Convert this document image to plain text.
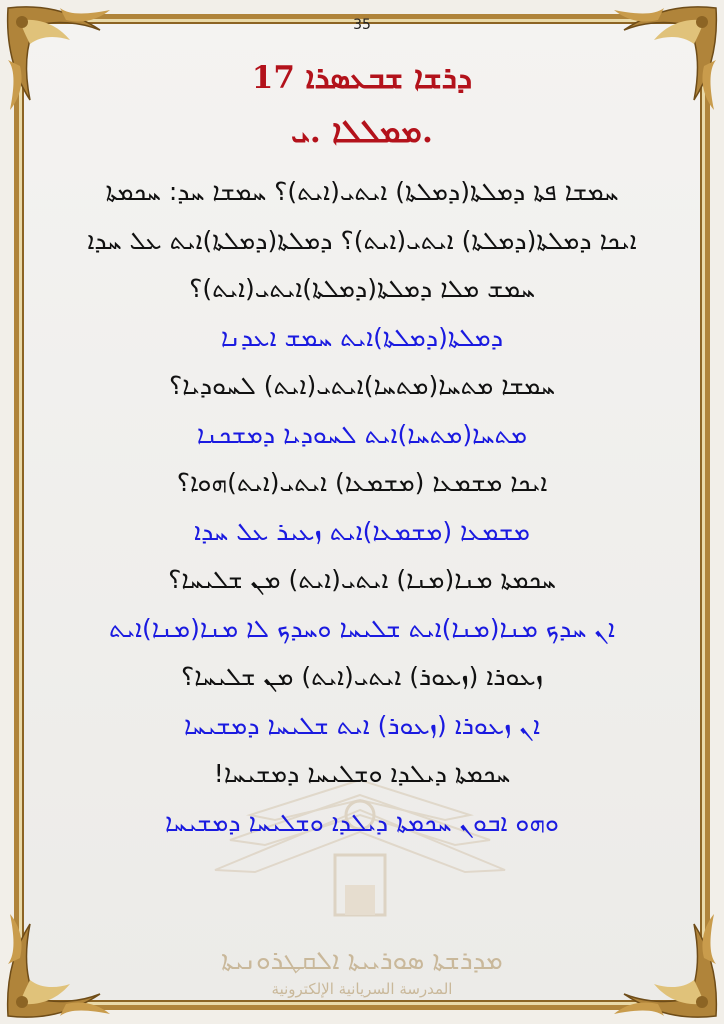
35
ܕܪܫܐ ܫܒܥܣܪܐ 17
ܡܡܠܠܐ .ܝ.
ܚܡܫܐ ܦܬܐ ܕܡܠܬܐ(ܕܡܠܬܐ) ܐܝܬܝ(ܐܝܬ)؟ ܚܡܫܐ ܚܕ: ܚܟܡܬܐ
ܐܝܟܐ ܕܡܠܬܐ(ܕܡܠܬܐ) ܐܝܬܝ(ܐܝܬ)؟ ܕܡܠܬܐ(ܕܡܠܬܐ)ܐܝܬ ܥܠ ܚܕܐ
ܚܡܫ ܡܠܐ ܕܡܠܬܐ(ܕܡܠܬܐ)ܐܝܬܝ(ܐܝܬ)؟
ܕܡܠܬܐ(ܕܡܠܬܐ)ܐܝܬ ܚܡܫ ܐܥܕܢܐ
ܚܡܫܐ ܡܬܚܐ(ܡܬܚܐ)ܐܝܬܝ(ܐܝܬ) ܠܚܘܕܝܐ؟
ܡܬܚܐ(ܡܬܚܐ)ܐܝܬ ܠܚܘܕܝܐ ܕܡܫܟܢܐ
ܐܝܟܐ ܡܫܡܥܐ (ܡܫܡܥܐ) ܐܝܬܝ(ܐܝܬ)ܗܘܐ؟
ܡܫܡܥܐ (ܡܫܡܥܐ)ܐܝܬ ܙܥܝܪ ܥܠ ܚܕܐ
ܚܟܡܬܐ ܡܢܐ(ܡܢܐ) ܐܝܬܝ(ܐܝܬ) ܡܢ ܫܠܝܚܐ؟
ܐܢ ܚܕܟ ܡܢܐ(ܡܢܐ)ܐܝܬ ܫܠܝܚܐ ܘܚܕܟ ܠܐ ܡܢܐ(ܡܢܐ)ܐܝܬ
ܙܥܘܪܐ (ܙܥܘܪ) ܐܝܬܝ(ܐܝܬ) ܡܢ ܫܠܝܚܐ؟
ܐܢ ܙܥܘܪܐ (ܙܥܘܪ) ܐܝܬ ܫܠܝܚܐ ܕܡܫܝܚܐ
ܚܟܡܬܐ ܕܝܠܕܐ ܘܫܠܝܚܐ ܕܡܫܝܚܐ!
ܘܗܘ ܐܒܘܢ ܚܟܡܬܐ ܕܝܠܕܐ ܘܫܠܝܚܐ ܕܡܫܝܚܐ
ܡܕܪܫܬܐ ܣܘܪܝܝܬܐ ܐܠܩܛܪܘܢܝܬܐ
المدرسة السريانية الإلكترونية
